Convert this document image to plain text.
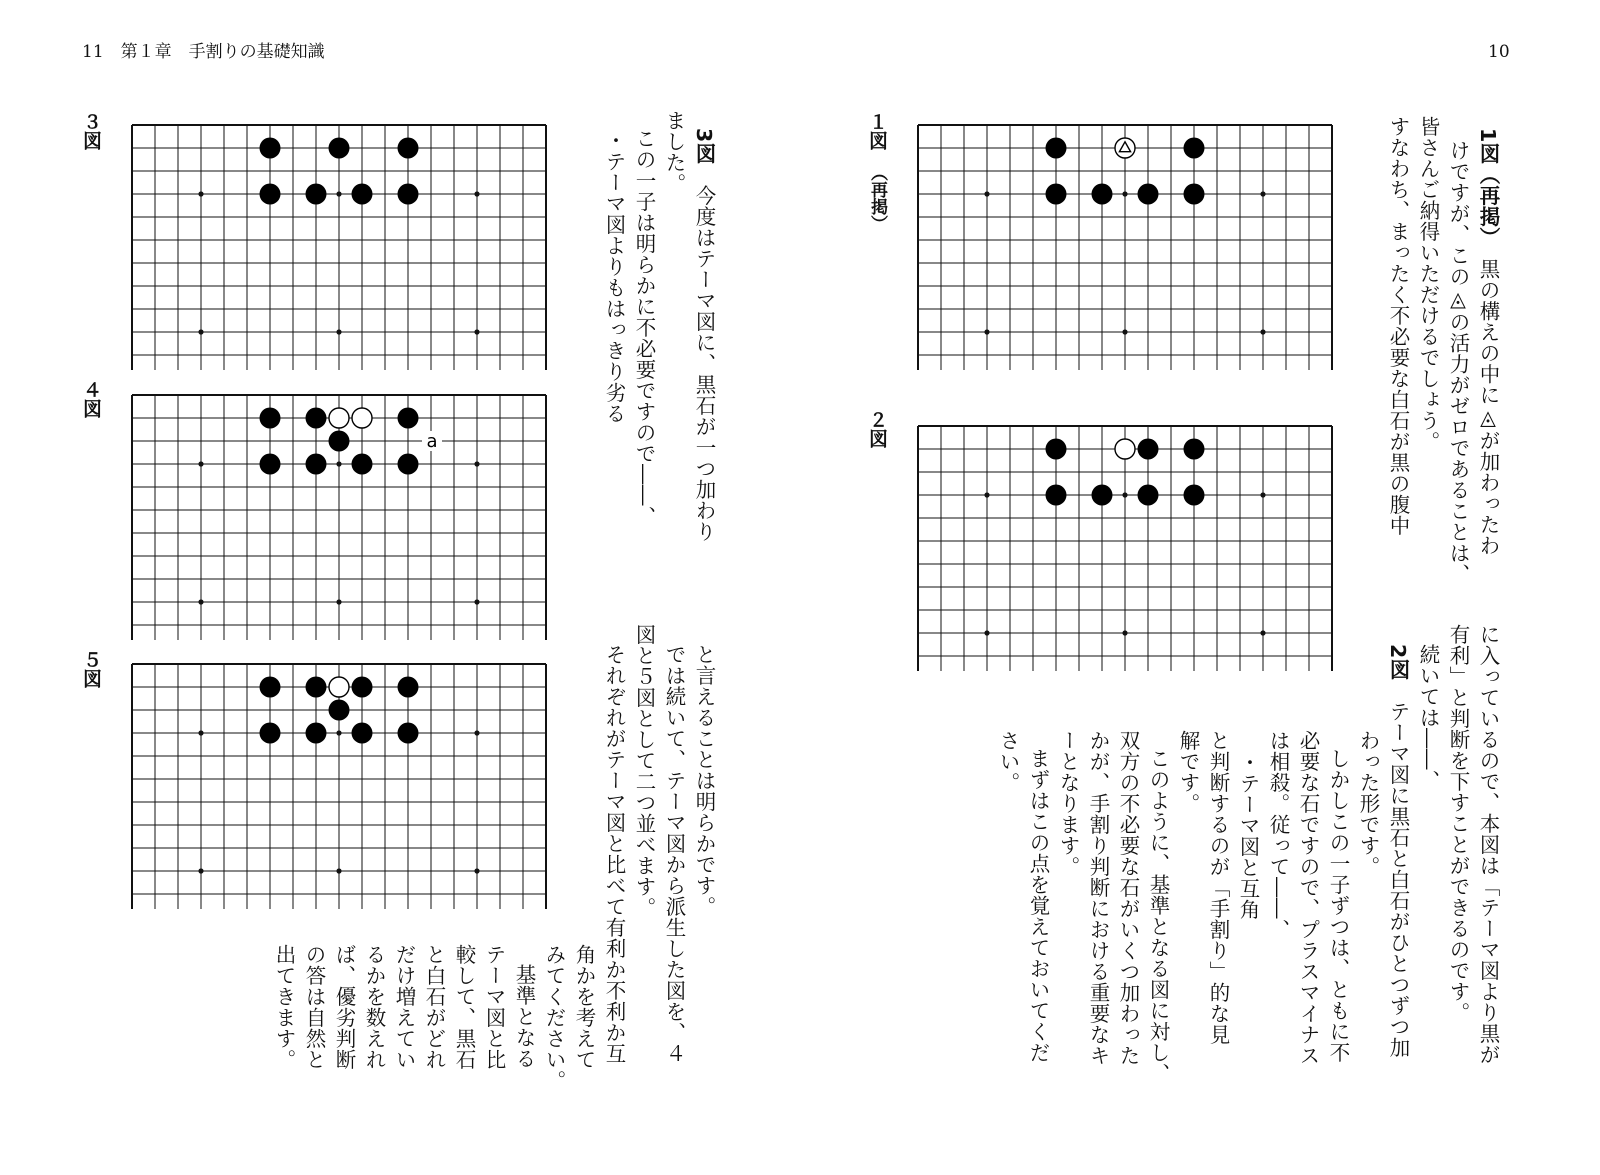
11　第１章　手割りの基礎知識	10
１図
（再掲）
２図
３図
４図
５図
a
1図（再掲）　黒の構えの中に◬が加わったわ
けですが、この◬の活力がゼロであることは、
皆さんご納得いただけるでしょう。
すなわち、まったく不必要な白石が黒の腹中
に入っているので、本図は「テーマ図より黒が
有利」と判断を下すことができるのです。
続いては――、
2図　テーマ図に黒石と白石がひとつずつ加
わった形です。
しかしこの一子ずつは、ともに不
必要な石ですので、プラスマイナス
は相殺。従って――、
・テーマ図と互角
と判断するのが「手割り」的な見
解です。
このように、基準となる図に対し、
双方の不必要な石がいくつ加わった
かが、手割り判断における重要なキ
ーとなります。
まずはこの点を覚えておいてくだ
さい。
3図　今度はテーマ図に、黒石が一つ加わり
ました。
この一子は明らかに不必要ですので――、
・テーマ図よりもはっきり劣る
と言えることは明らかです。
では続いて、テーマ図から派生した図を、４
図と５図として二つ並べます。
それぞれがテーマ図と比べて有利か不利か互
角かを考えて
みてください。
基準となる
テーマ図と比
較して、黒石
と白石がどれ
だけ増えてい
るかを数えれ
ば、優劣判断
の答は自然と
出てきます。
